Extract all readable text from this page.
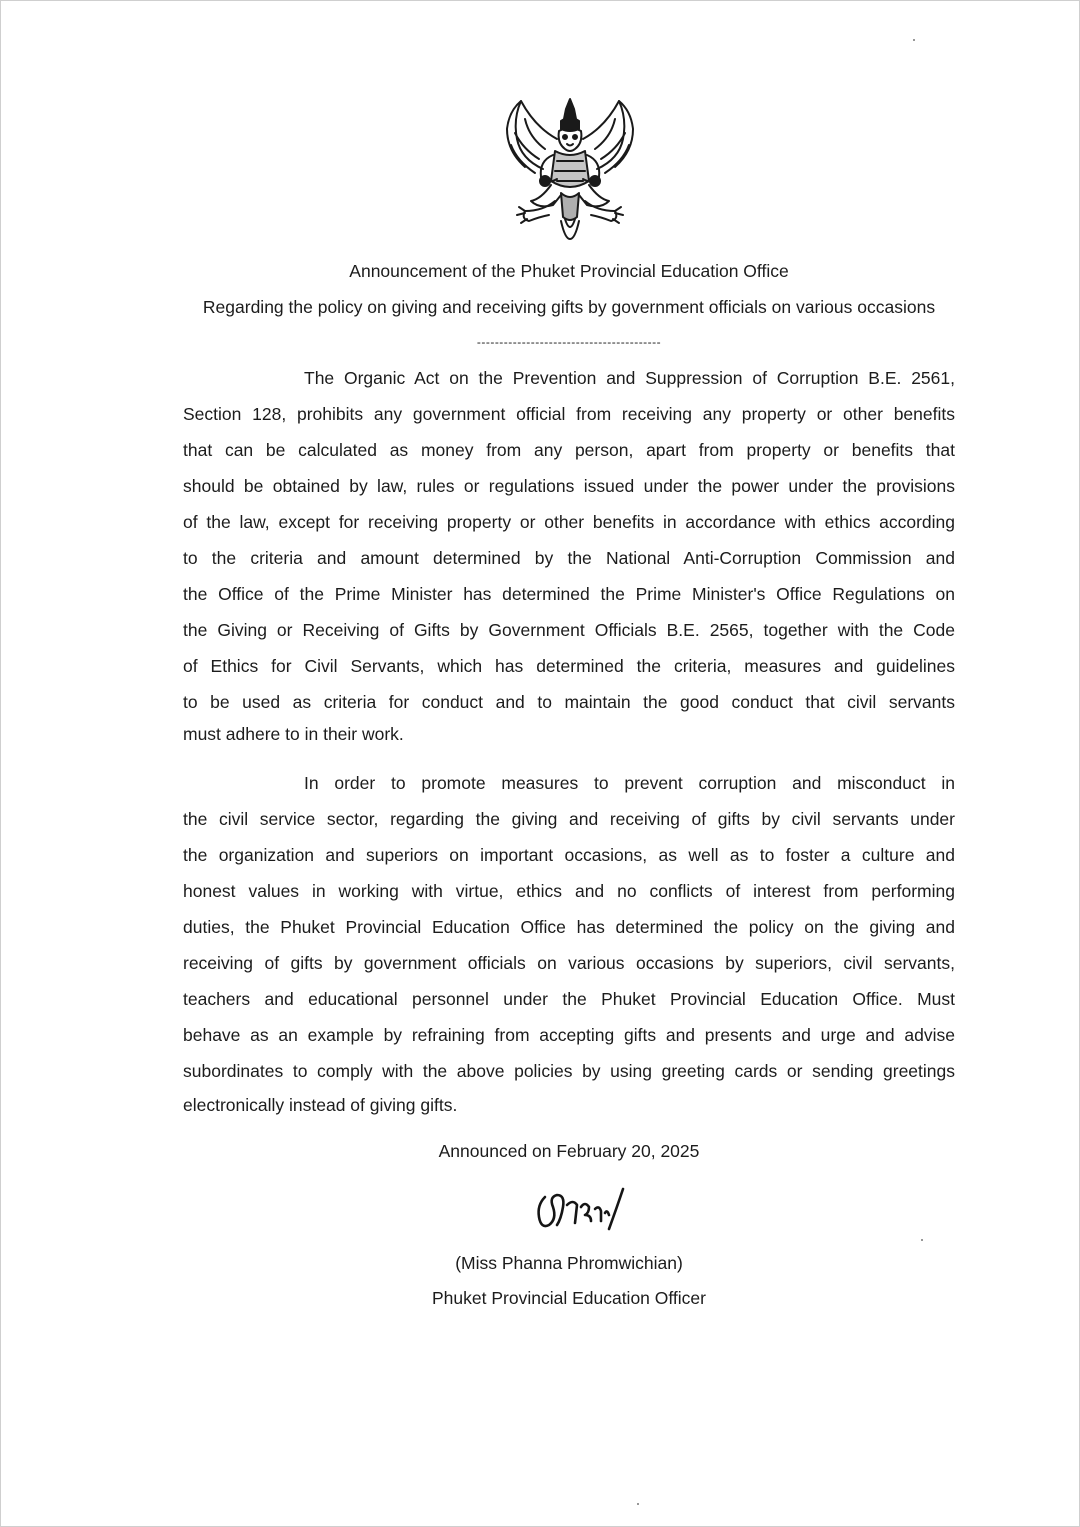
Announcement of the Phuket Provincial Education Office
Regarding the policy on giving and receiving gifts by government officials on various occasions
-----------------------------------------
The Organic Act on the Prevention and Suppression of Corruption B.E. 2561,
Section 128, prohibits any government official from receiving any property or other benefits
that can be calculated as money from any person, apart from property or benefits that
should be obtained by law, rules or regulations issued under the power under the provisions
of the law, except for receiving property or other benefits in accordance with ethics according
to the criteria and amount determined by the National Anti-Corruption Commission and
the Office of the Prime Minister has determined the Prime Minister's Office Regulations on
the Giving or Receiving of Gifts by Government Officials B.E. 2565, together with the Code
of Ethics for Civil Servants, which has determined the criteria, measures and guidelines
to be used as criteria for conduct and to maintain the good conduct that civil servants
must adhere to in their work.
In order to promote measures to prevent corruption and misconduct in
the civil service sector, regarding the giving and receiving of gifts by civil servants under
the organization and superiors on important occasions, as well as to foster a culture and
honest values in working with virtue, ethics and no conflicts of interest from performing
duties, the Phuket Provincial Education Office has determined the policy on the giving and
receiving of gifts by government officials on various occasions by superiors, civil servants,
teachers and educational personnel under the Phuket Provincial Education Office. Must
behave as an example by refraining from accepting gifts and presents and urge and advise
subordinates to comply with the above policies by using greeting cards or sending greetings
electronically instead of giving gifts.
Announced on February 20, 2025
(Miss Phanna Phromwichian)
Phuket Provincial Education Officer
